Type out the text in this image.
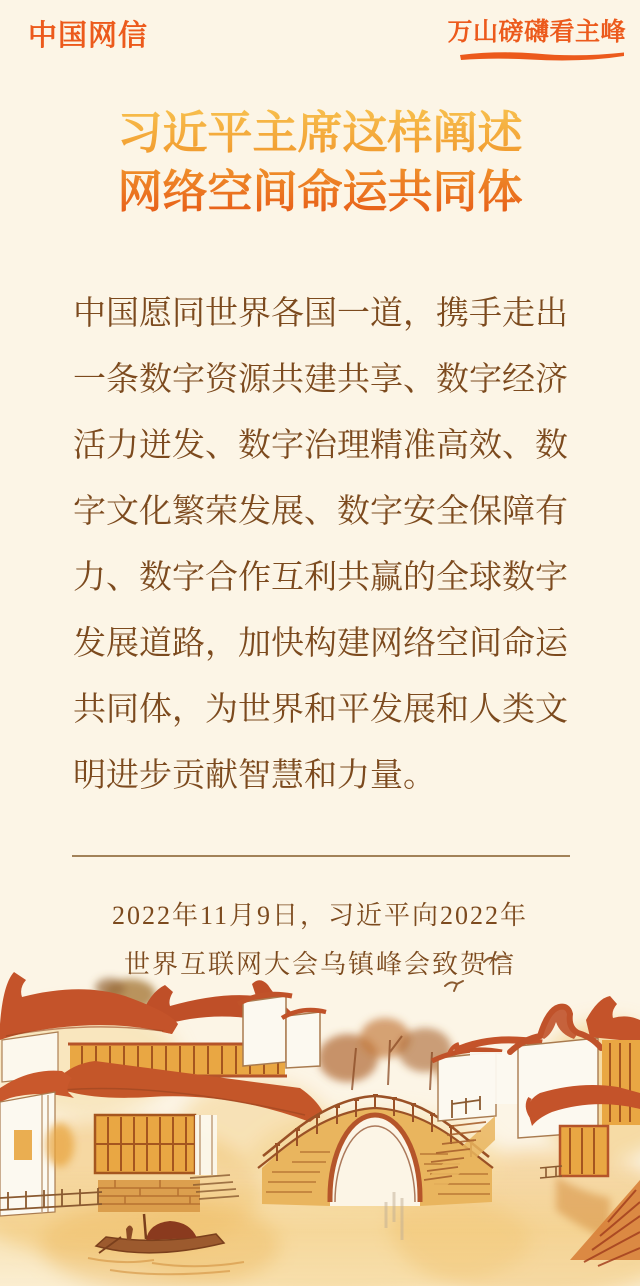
中国网信	万山磅礴看主峰
习近平主席这样阐述
网络空间命运共同体
中国愿同世界各国一道，携手走出
一条数字资源共建共享、数字经济
活力迸发、数字治理精准高效、数
字文化繁荣发展、数字安全保障有
力、数字合作互利共赢的全球数字
发展道路，加快构建网络空间命运
共同体，为世界和平发展和人类文
明进步贡献智慧和力量。
2022年11月9日，习近平向2022年
世界互联网大会乌镇峰会致贺信
